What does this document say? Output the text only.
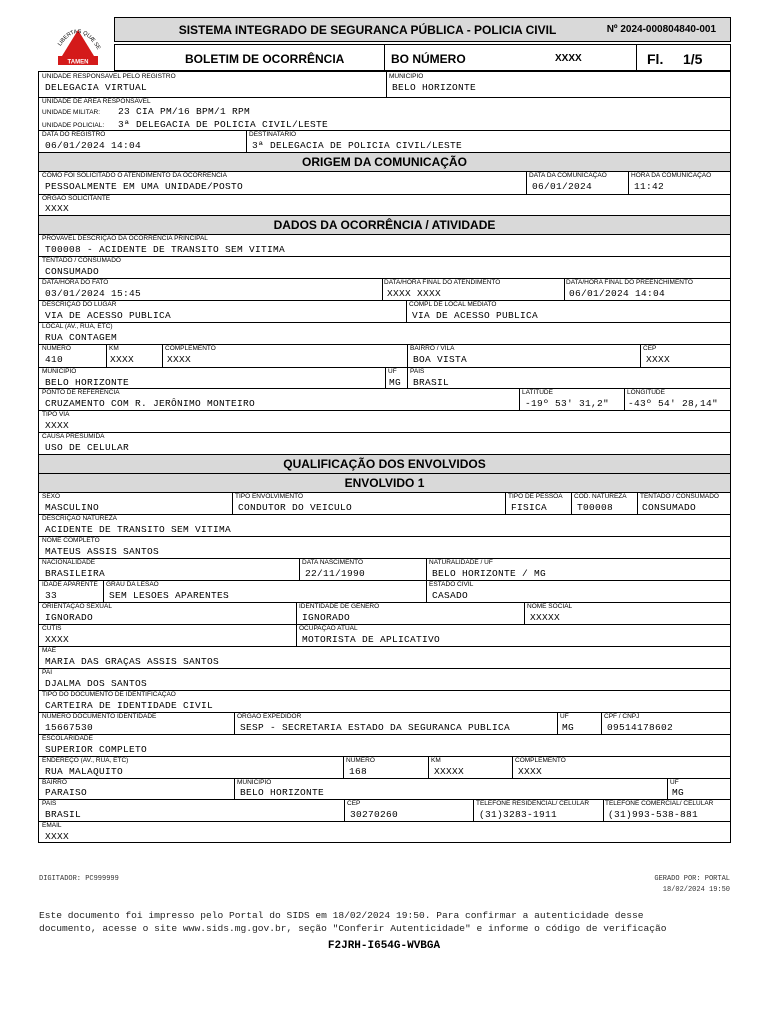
LIBERTAS QUÆ SE
TAMEN
SISTEMA INTEGRADO DE SEGURANCA PÚBLICA - POLICIA CIVIL	Nº 2024-000804840-001
BOLETIM DE OCORRÊNCIA	BO NÚMERO	XXXX	Fl. 1/5
UNIDADE RESPONSAVEL PELO REGISTRO
DELEGACIA VIRTUAL
MUNICIPIO
BELO HORIZONTE
UNIDADE DE AREA RESPONSAVEL
UNIDADE MILITAR: 23 CIA PM/16 BPM/1 RPM
UNIDADE POLICIAL: 3ª DELEGACIA DE POLICIA CIVIL/LESTE
DATA DO REGISTRO
06/01/2024 14:04
DESTINATARIO
3ª DELEGACIA DE POLICIA CIVIL/LESTE
ORIGEM DA COMUNICAÇÃO
COMO FOI SOLICITADO O ATENDIMENTO DA OCORRENCIA
PESSOALMENTE EM UMA UNIDADE/POSTO
DATA DA COMUNICAÇÃO
06/01/2024
HORA DA COMUNICAÇÃO
11:42
ORGAO SOLICITANTE
XXXX
DADOS DA OCORRÊNCIA / ATIVIDADE
PROVAVEL DESCRIÇÃO DA OCORRÊNCIA PRINCIPAL
T00008 - ACIDENTE DE TRANSITO SEM VITIMA
TENTADO / CONSUMADO
CONSUMADO
DATA/HORA DO FATO
03/01/2024 15:45
DATA/HORA FINAL DO ATENDIMENTO
XXXX XXXX
DATA/HORA FINAL DO PREENCHIMENTO
06/01/2024 14:04
DESCRIÇÃO DO LUGAR
VIA DE ACESSO PUBLICA
COMPL DE LOCAL MEDIATO
VIA DE ACESSO PUBLICA
LOCAL (AV., RUA, ETC)
RUA CONTAGEM
NUMERO
410
KM
XXXX
COMPLEMENTO
XXXX
BAIRRO / VILA
BOA VISTA
CEP
XXXX
MUNICIPIO
BELO HORIZONTE
UF
MG
PAIS
BRASIL
PONTO DE REFERENCIA
CRUZAMENTO COM R. JERÔNIMO MONTEIRO
LATITUDE
-19º 53' 31,2"
LONGITUDE
-43º 54' 28,14"
TIPO VIA
XXXX
CAUSA PRESUMIDA
USO DE CELULAR
QUALIFICAÇÃO DOS ENVOLVIDOS
ENVOLVIDO 1
SEXO
MASCULINO
TIPO ENVOLVIMENTO
CONDUTOR DO VEICULO
TIPO DE PESSOA
FISICA
COD. NATUREZA
T00008
TENTADO / CONSUMADO
CONSUMADO
DESCRIÇÃO NATUREZA
ACIDENTE DE TRANSITO SEM VITIMA
NOME COMPLETO
MATEUS ASSIS SANTOS
NACIONALIDADE
BRASILEIRA
DATA NASCIMENTO
22/11/1990
NATURALIDADE / UF
BELO HORIZONTE / MG
IDADE APARENTE
33
GRAU DA LESÃO
SEM LESOES APARENTES
ESTADO CIVIL
CASADO
ORIENTAÇÃO SEXUAL
IGNORADO
IDENTIDADE DE GÊNERO
IGNORADO
NOME SOCIAL
XXXXX
CUTIS
XXXX
OCUPAÇÃO ATUAL
MOTORISTA DE APLICATIVO
MÃE
MARIA DAS GRAÇAS ASSIS SANTOS
PAI
DJALMA DOS SANTOS
TIPO DO DOCUMENTO DE IDENTIFICAÇÃO
CARTEIRA DE IDENTIDADE CIVIL
NUMERO DOCUMENTO IDENTIDADE
15667530
ORGAO EXPEDIDOR
SESP - SECRETARIA ESTADO DA SEGURANCA PUBLICA
UF
MG
CPF / CNPJ
09514178602
ESCOLARIDADE
SUPERIOR COMPLETO
ENDEREÇO (AV., RUA, ETC)
RUA MALAQUITO
NUMERO
168
KM
XXXXX
COMPLEMENTO
XXXX
BAIRRO
PARAISO
MUNICIPIO
BELO HORIZONTE
UF
MG
PAIS
BRASIL
CEP
30270260
TELEFONE RESIDENCIAL/ CELULAR
(31)3283-1911
TELEFONE COMERCIAL/ CELULAR
(31)993-538-881
EMAIL
XXXX
DIGITADOR: PC999999	GERADO POR: PORTAL
18/02/2024 19:50
Este documento foi impresso pelo Portal do SIDS em 18/02/2024 19:50. Para confirmar a autenticidade desse
documento, acesse o site www.sids.mg.gov.br, seção "Conferir Autenticidade" e informe o código de verificação
F2JRH-I654G-WVBGA
